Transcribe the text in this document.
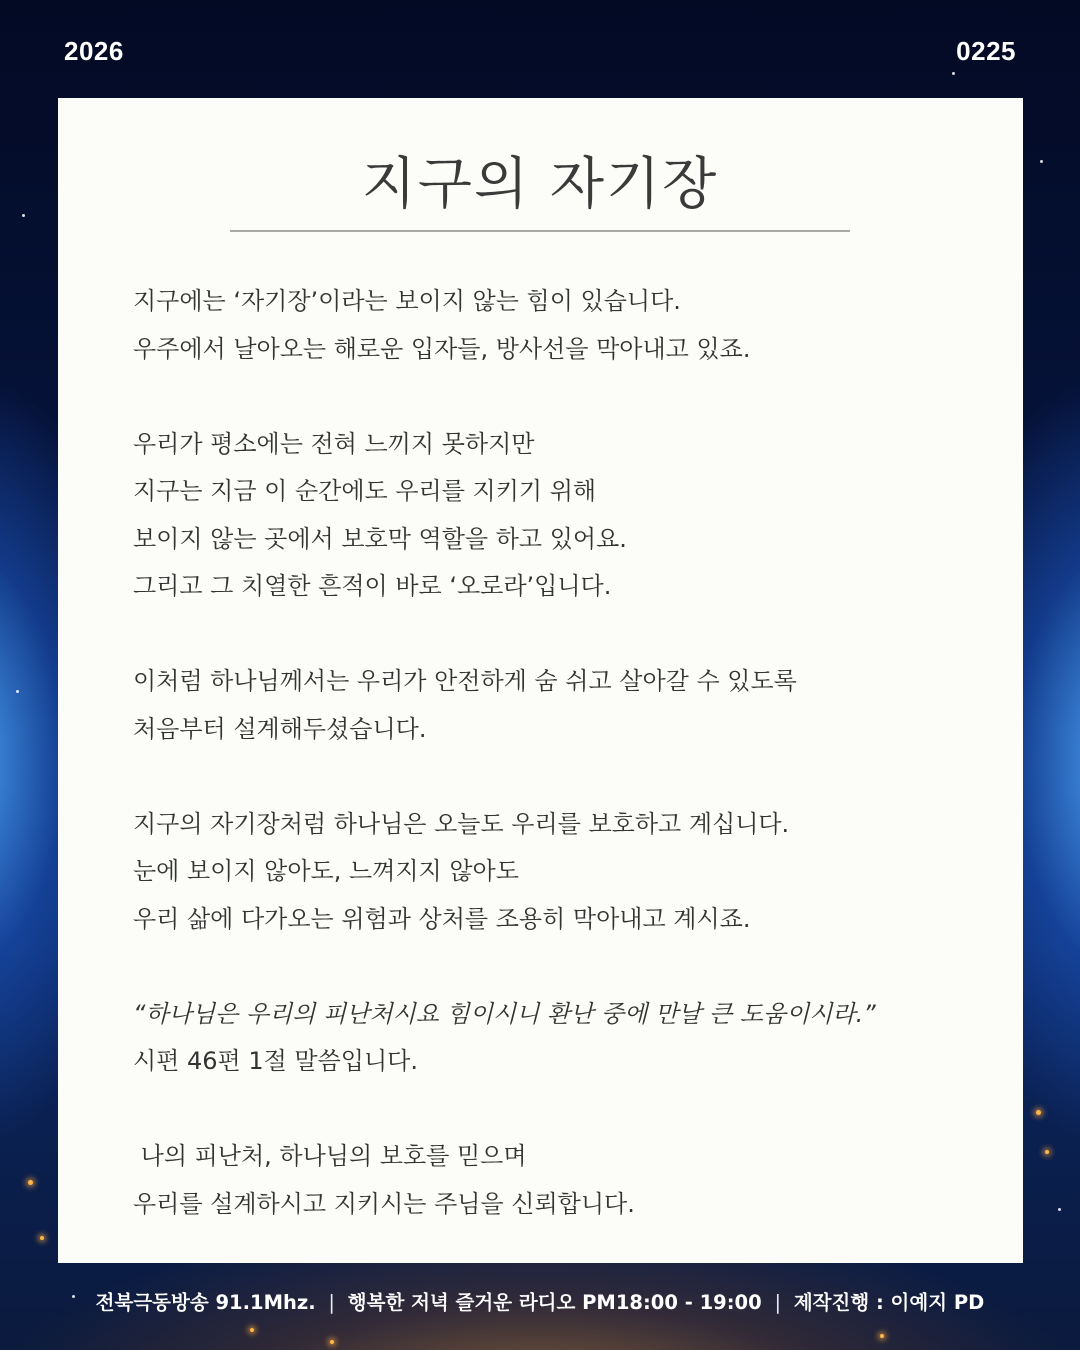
2026	0225
지구의 자기장

지구에는 ‘자기장’이라는 보이지 않는 힘이 있습니다.

우주에서 날아오는 해로운 입자들, 방사선을 막아내고 있죠.

우리가 평소에는 전혀 느끼지 못하지만

지구는 지금 이 순간에도 우리를 지키기 위해

보이지 않는 곳에서 보호막 역할을 하고 있어요.

그리고 그 치열한 흔적이 바로 ‘오로라’입니다.

이처럼 하나님께서는 우리가 안전하게 숨 쉬고 살아갈 수 있도록

처음부터 설계해두셨습니다.

지구의 자기장처럼 하나님은 오늘도 우리를 보호하고 계십니다.

눈에 보이지 않아도, 느껴지지 않아도

우리 삶에 다가오는 위험과 상처를 조용히 막아내고 계시죠.

“하나님은 우리의 피난처시요 힘이시니 환난 중에 만날 큰 도움이시라.”

시편 46편 1절 말씀입니다.

나의 피난처, 하나님의 보호를 믿으며

우리를 설계하시고 지키시는 주님을 신뢰합니다.

전북극동방송 91.1Mhz. | 행복한 저녁 즐거운 라디오 PM18:00 - 19:00 | 제작진행 : 이예지 PD
